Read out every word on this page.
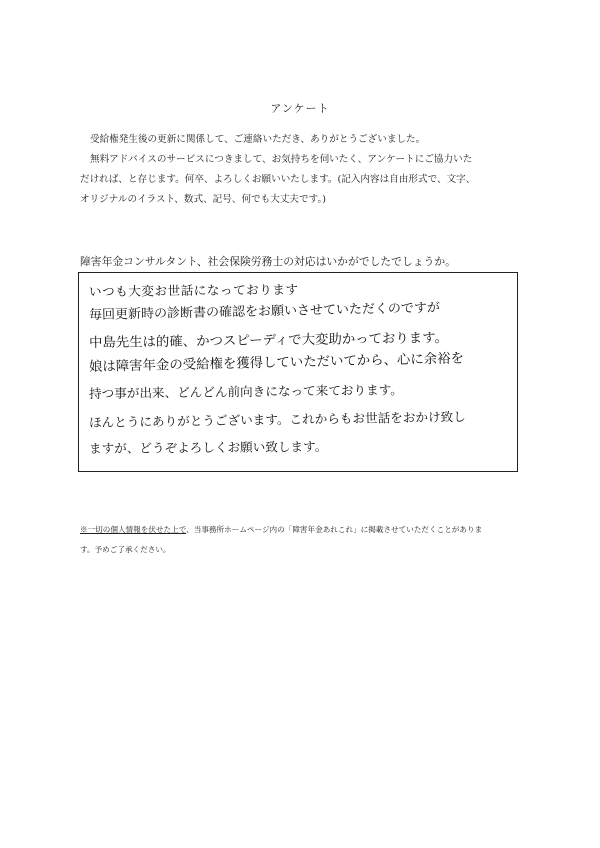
アンケート

受給権発生後の更新に関係して、ご連絡いただき、ありがとうございました。

無料アドバイスのサービスにつきまして、お気持ちを伺いたく、アンケートにご協力いた

だければ、と存じます。何卒、よろしくお願いいたします。(記入内容は自由形式で、文字、

オリジナルのイラスト、数式、記号、何でも大丈夫です。)

障害年金コンサルタント、社会保険労務士の対応はいかがでしたでしょうか。
いつも大変お世話になっております
毎回更新時の診断書の確認をお願いさせていただくのですが
中島先生は的確、かつスピーディで大変助かっております。
娘は障害年金の受給権を獲得していただいてから、心に余裕を
持つ事が出来、どんどん前向きになって来ております。
ほんとうにありがとうございます。これからもお世話をおかけ致し
ますが、どうぞよろしくお願い致します。

※一切の個人情報を伏せた上で、当事務所ホームページ内の「障害年金あれこれ」に掲載させていただくことがありま

す。予めご了承ください。
